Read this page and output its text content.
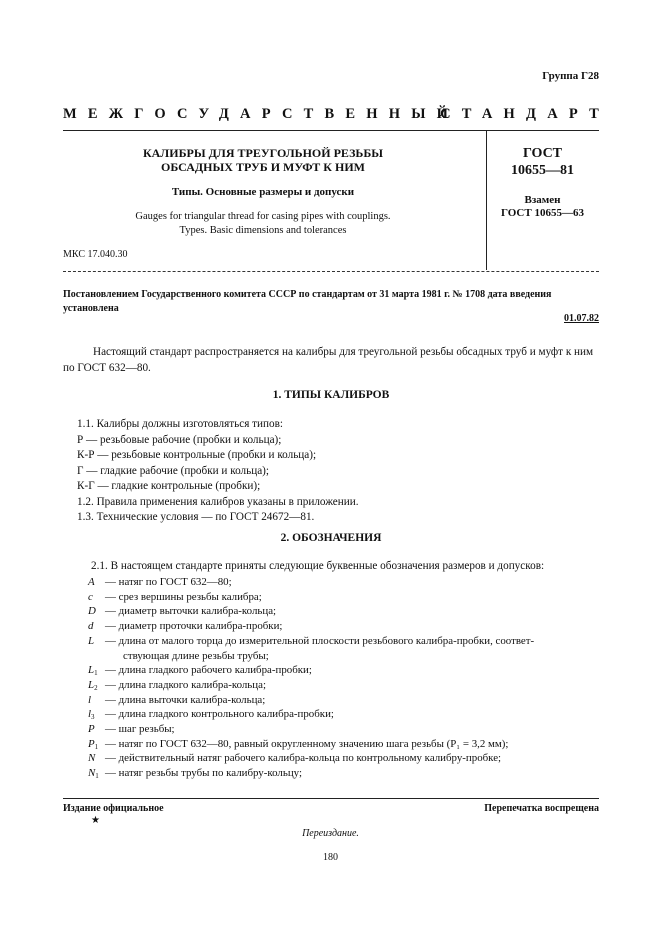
Группа Г28
МЕЖГОСУДАРСТВЕННЫЙ
СТАНДАРТ
КАЛИБРЫ ДЛЯ ТРЕУГОЛЬНОЙ РЕЗЬБЫ
ОБСАДНЫХ ТРУБ И МУФТ К НИМ
Типы. Основные размеры и допуски
Gauges for triangular thread for casing pipes with couplings.
Types. Basic dimensions and tolerances
ГОСТ
10655—81
Взамен
ГОСТ 10655—63
МКС 17.040.30
Постановлением Государственного комитета СССР по стандартам от 31 марта 1981 г. № 1708 дата введения установлена
01.07.82
Настоящий стандарт распространяется на калибры для треугольной резьбы обсадных труб и муфт к ним по ГОСТ 632—80.
1. ТИПЫ КАЛИБРОВ
1.1. Калибры должны изготовляться типов:
Р — резьбовые рабочие (пробки и кольца);
К-Р — резьбовые контрольные (пробки и кольца);
Г — гладкие рабочие (пробки и кольца);
К-Г — гладкие контрольные (пробки);
1.2. Правила применения калибров указаны в приложении.
1.3. Технические условия — по ГОСТ 24672—81.
2. ОБОЗНАЧЕНИЯ
2.1. В настоящем стандарте приняты следующие буквенные обозначения размеров и допусков:
A — натяг по ГОСТ 632—80;
c — срез вершины резьбы калибра;
D — диаметр выточки калибра-кольца;
d — диаметр проточки калибра-пробки;
L — длина от малого торца до измерительной плоскости резьбового калибра-пробки, соответ-
ствующая длине резьбы трубы;
L1 — длина гладкого рабочего калибра-пробки;
L2 — длина гладкого калибра-кольца;
l — длина выточки калибра-кольца;
l3 — длина гладкого контрольного калибра-пробки;
P — шаг резьбы;
P1 — натяг по ГОСТ 632—80, равный округленному значению шага резьбы (P₁ = 3,2 мм);
N — действительный натяг рабочего калибра-кольца по контрольному калибру-пробке;
N1 — натяг резьбы трубы по калибру-кольцу;
Издание официальное	Перепечатка воспрещена
★
Переиздание.
180
